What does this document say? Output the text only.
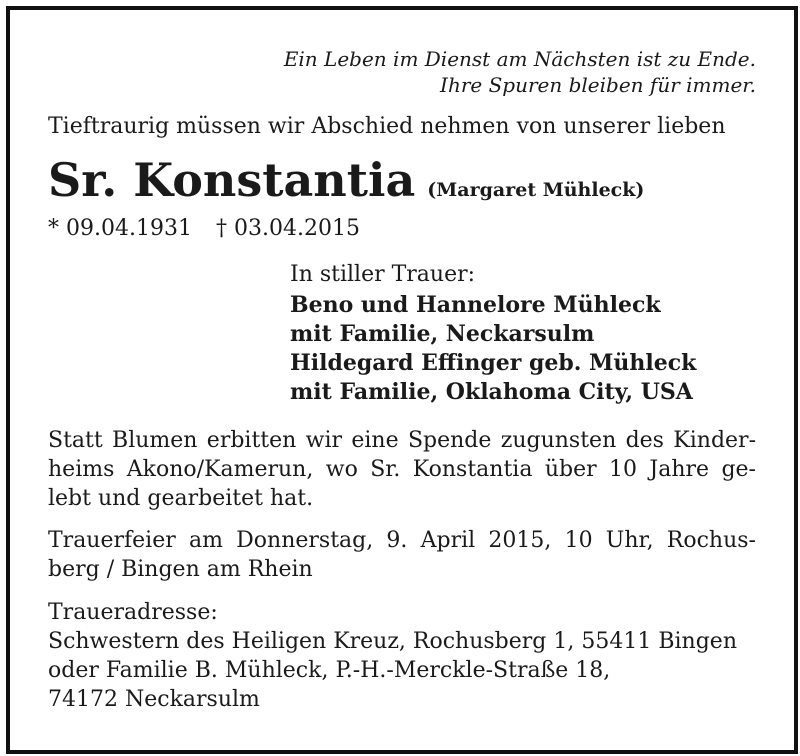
Ein Leben im Dienst am Nächsten ist zu Ende.
Ihre Spuren bleiben für immer.
Tieftraurig müssen wir Abschied nehmen von unserer lieben
Sr. Konstantia (Margaret Mühleck)
* 09.04.1931 † 03.04.2015
In stiller Trauer:
Beno und Hannelore Mühleck
mit Familie, Neckarsulm
Hildegard Effinger geb. Mühleck
mit Familie, Oklahoma City, USA
Statt Blumen erbitten wir eine Spende zugunsten des Kinder-
heims Akono/Kamerun, wo Sr. Konstantia über 10 Jahre ge-
lebt und gearbeitet hat.
Trauerfeier am Donnerstag, 9. April 2015, 10 Uhr, Rochus-
berg / Bingen am Rhein
Traueradresse:
Schwestern des Heiligen Kreuz, Rochusberg 1, 55411 Bingen
oder Familie B. Mühleck, P.-H.-Merckle-Straße 18,
74172 Neckarsulm
